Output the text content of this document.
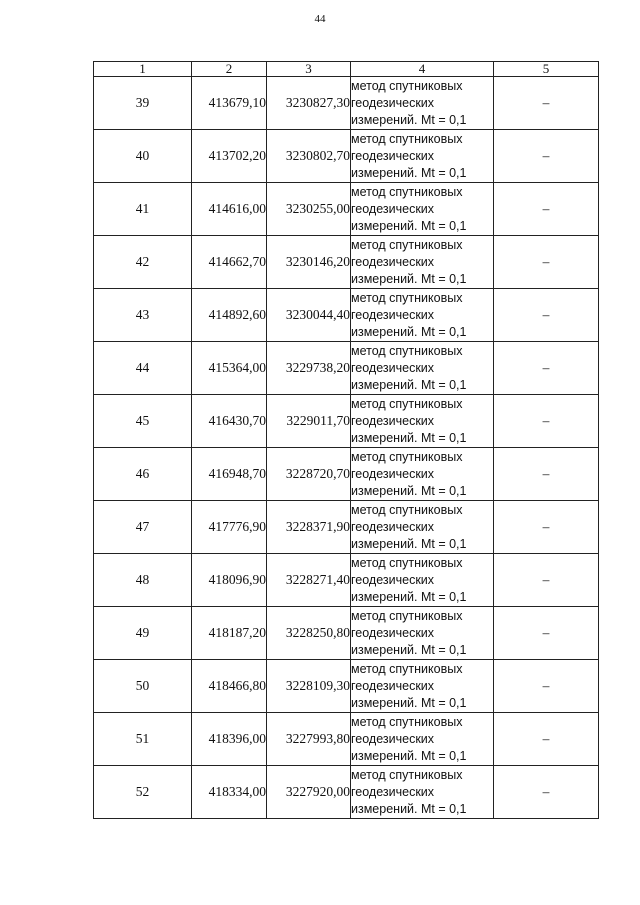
44
1	2	3	4	5
39	413679,10	3230827,30	метод спутниковых
геодезических
измерений. Mt = 0,1	–
40	413702,20	3230802,70	метод спутниковых
геодезических
измерений. Mt = 0,1	–
41	414616,00	3230255,00	метод спутниковых
геодезических
измерений. Mt = 0,1	–
42	414662,70	3230146,20	метод спутниковых
геодезических
измерений. Mt = 0,1	–
43	414892,60	3230044,40	метод спутниковых
геодезических
измерений. Mt = 0,1	–
44	415364,00	3229738,20	метод спутниковых
геодезических
измерений. Mt = 0,1	–
45	416430,70	3229011,70	метод спутниковых
геодезических
измерений. Mt = 0,1	–
46	416948,70	3228720,70	метод спутниковых
геодезических
измерений. Mt = 0,1	–
47	417776,90	3228371,90	метод спутниковых
геодезических
измерений. Mt = 0,1	–
48	418096,90	3228271,40	метод спутниковых
геодезических
измерений. Mt = 0,1	–
49	418187,20	3228250,80	метод спутниковых
геодезических
измерений. Mt = 0,1	–
50	418466,80	3228109,30	метод спутниковых
геодезических
измерений. Mt = 0,1	–
51	418396,00	3227993,80	метод спутниковых
геодезических
измерений. Mt = 0,1	–
52	418334,00	3227920,00	метод спутниковых
геодезических
измерений. Mt = 0,1	–
